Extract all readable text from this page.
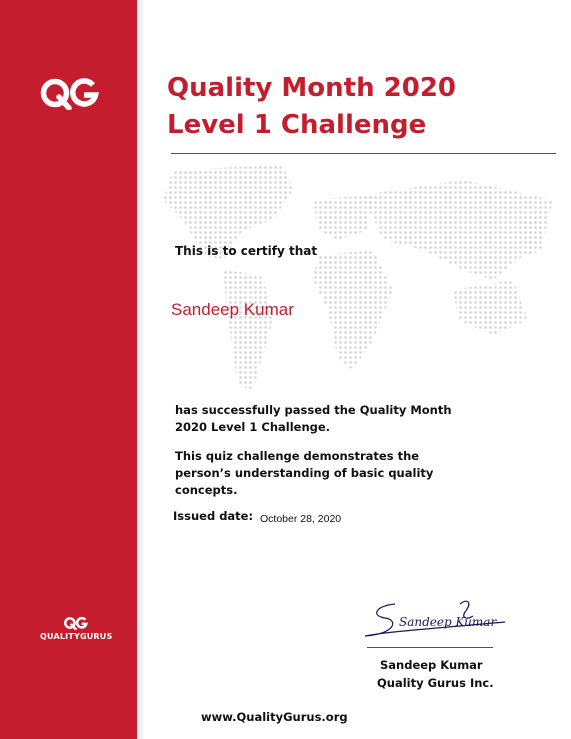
QUALITYGURUS
Quality Month 2020
Level 1 Challenge
This is to certify that
Sandeep Kumar

has successfully passed the Quality Month 2020 Level 1 Challenge.

This quiz challenge demonstrates the person’s understanding of basic quality concepts.

Issued date: October 28, 2020
Sandeep Kumar
Sandeep Kumar
Quality Gurus Inc.
www.QualityGurus.org
